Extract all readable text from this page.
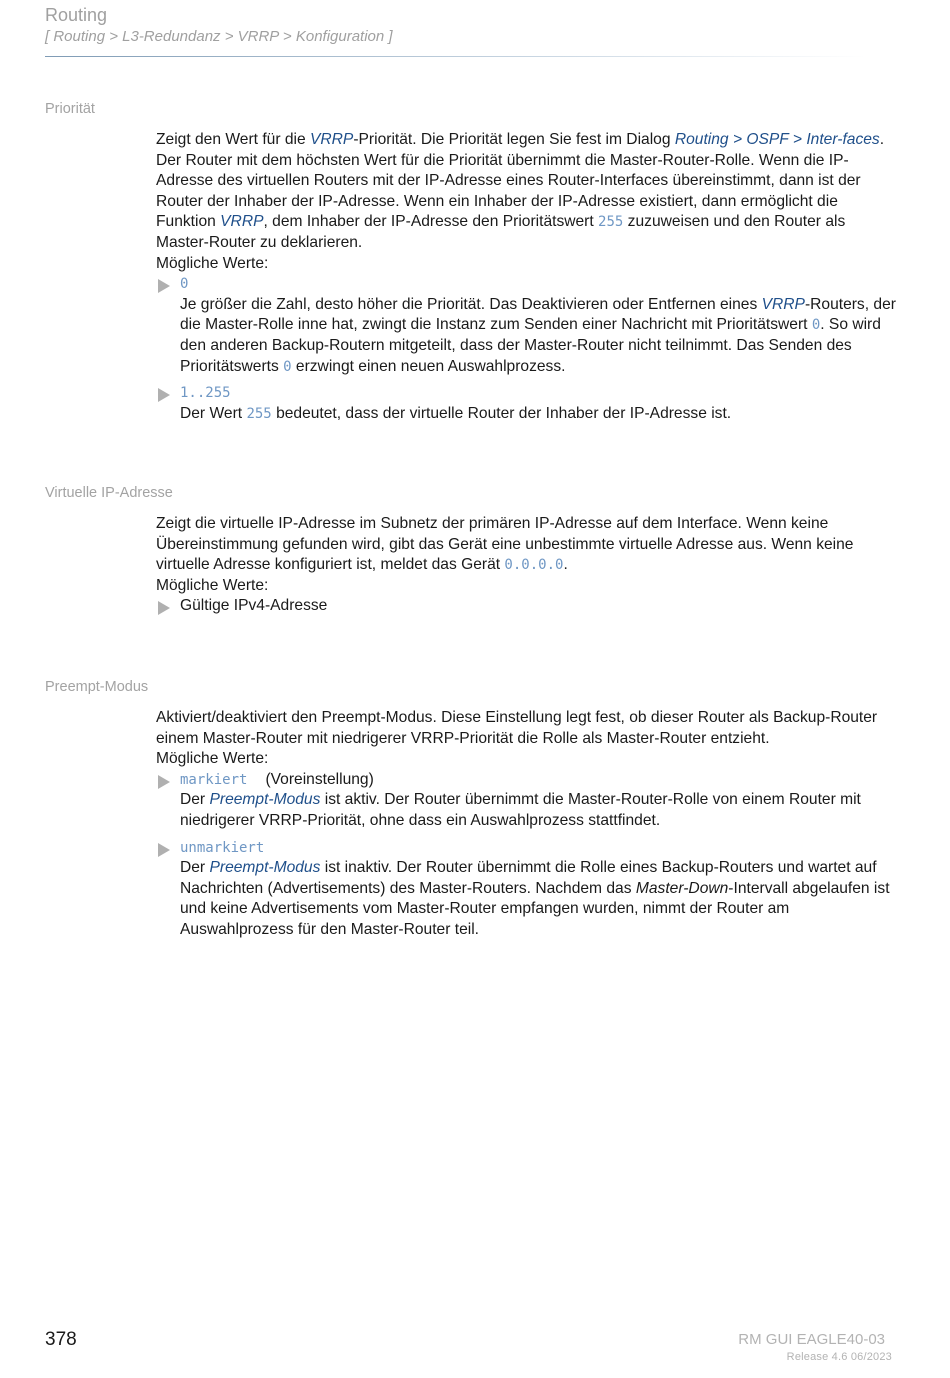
Routing
[ Routing > L3-Redundanz > VRRP > Konfiguration ]
Priorität

Zeigt den Wert für die VRRP-Priorität. Die Priorität legen Sie fest im Dialog Routing > OSPF > Inter-faces. Der Router mit dem höchsten Wert für die Priorität übernimmt die Master-Router-Rolle. Wenn die IP-Adresse des virtuellen Routers mit der IP-Adresse eines Router-Interfaces übereinstimmt, dann ist der Router der Inhaber der IP-Adresse. Wenn ein Inhaber der IP-Adresse existiert, dann ermöglicht die Funktion VRRP, dem Inhaber der IP-Adresse den Prioritätswert 255 zuzuweisen und den Router als Master-Router zu deklarieren.

Mögliche Werte:

0
Je größer die Zahl, desto höher die Priorität. Das Deaktivieren oder Entfernen eines VRRP-Routers, der die Master-Rolle inne hat, zwingt die Instanz zum Senden einer Nachricht mit Prioritätswert 0. So wird den anderen Backup-Routern mitgeteilt, dass der Master-Router nicht teilnimmt. Das Senden des Prioritätswerts 0 erzwingt einen neuen Auswahlprozess.
1..255
Der Wert 255 bedeutet, dass der virtuelle Router der Inhaber der IP-Adresse ist.
Virtuelle IP-Adresse

Zeigt die virtuelle IP-Adresse im Subnetz der primären IP-Adresse auf dem Interface. Wenn keine Übereinstimmung gefunden wird, gibt das Gerät eine unbestimmte virtuelle Adresse aus. Wenn keine virtuelle Adresse konfiguriert ist, meldet das Gerät 0.0.0.0.

Mögliche Werte:

Gültige IPv4-Adresse
Preempt-Modus

Aktiviert/deaktiviert den Preempt-Modus. Diese Einstellung legt fest, ob dieser Router als Backup-Router einem Master-Router mit niedrigerer VRRP-Priorität die Rolle als Master-Router entzieht.

Mögliche Werte:

markiert (Voreinstellung)
Der Preempt-Modus ist aktiv. Der Router übernimmt die Master-Router-Rolle von einem Router mit niedrigerer VRRP-Priorität, ohne dass ein Auswahlprozess stattfindet.
unmarkiert
Der Preempt-Modus ist inaktiv. Der Router übernimmt die Rolle eines Backup-Routers und wartet auf Nachrichten (Advertisements) des Master-Routers. Nachdem das Master-Down-Intervall abgelaufen ist und keine Advertisements vom Master-Router empfangen wurden, nimmt der Router am Auswahlprozess für den Master-Router teil.
378	RM GUI EAGLE40-03
Release 4.6 06/2023
